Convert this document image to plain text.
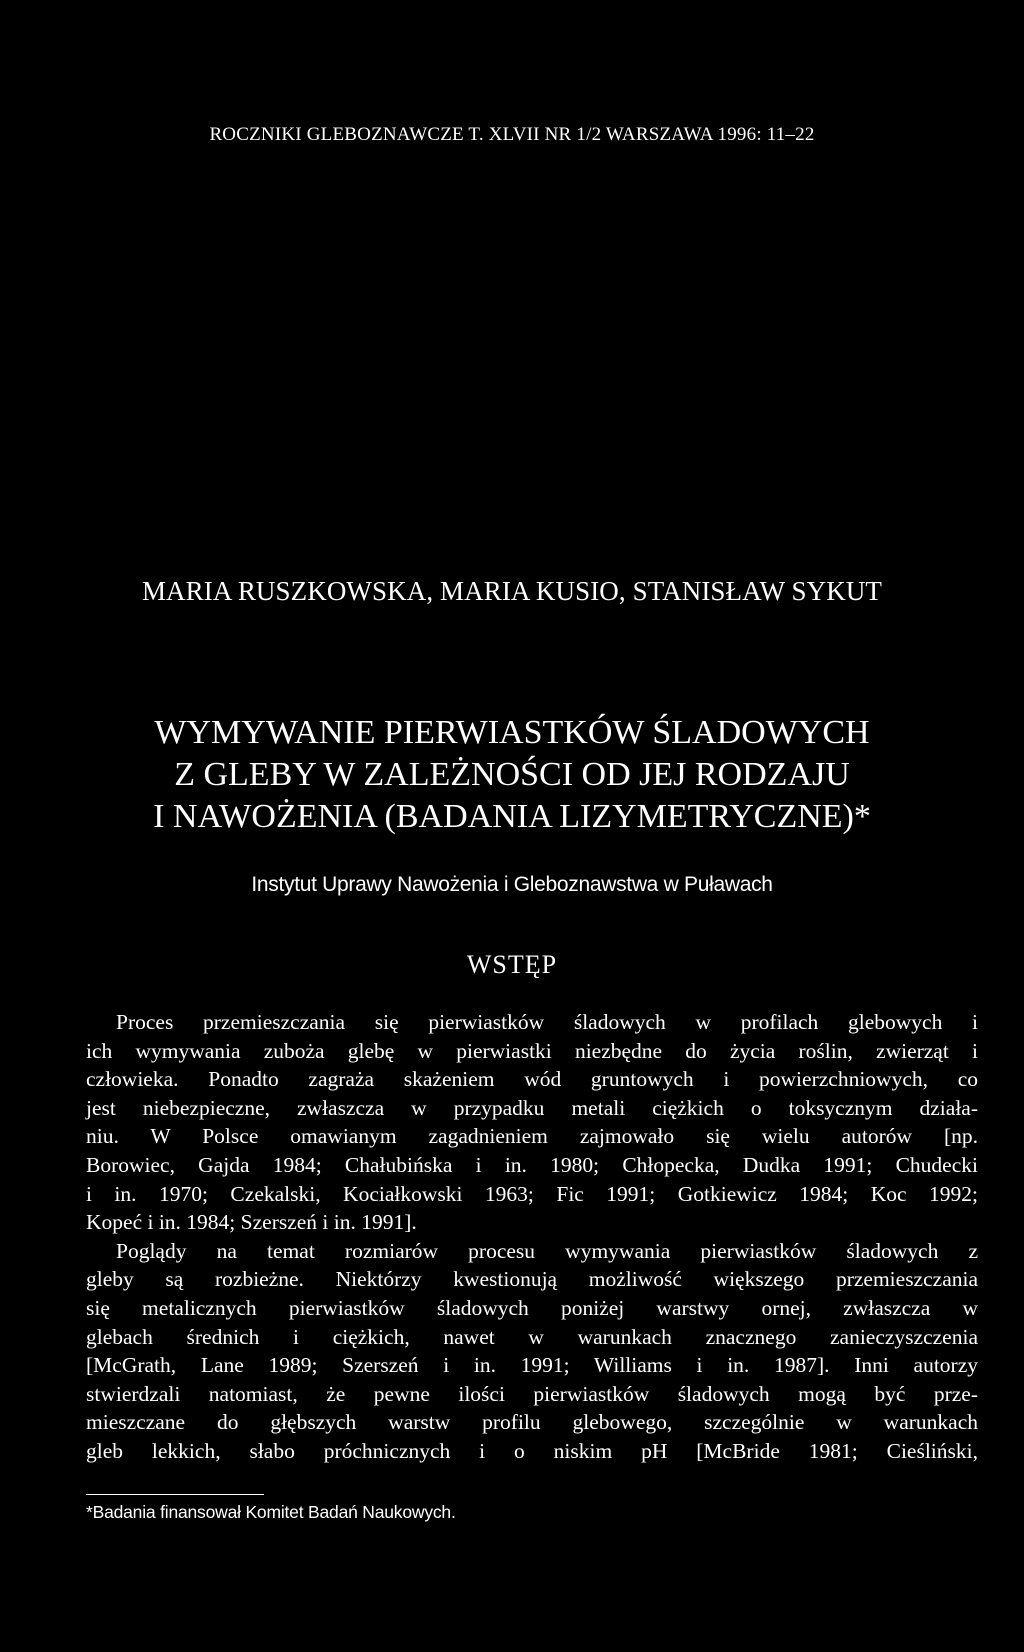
ROCZNIKI GLEBOZNAWCZE T. XLVII NR 1/2 WARSZAWA 1996: 11–22
MARIA RUSZKOWSKA, MARIA KUSIO, STANISŁAW SYKUT
WYMYWANIE PIERWIASTKÓW ŚLADOWYCH
Z GLEBY W ZALEŻNOŚCI OD JEJ RODZAJU
I NAWOŻENIA (BADANIA LIZYMETRYCZNE)*
Instytut Uprawy Nawożenia i Gleboznawstwa w Puławach
WSTĘP
Proces przemieszczania się pierwiastków śladowych w profilach glebowych i
ich wymywania zuboża glebę w pierwiastki niezbędne do życia roślin, zwierząt i
człowieka. Ponadto zagraża skażeniem wód gruntowych i powierzchniowych, co
jest niebezpieczne, zwłaszcza w przypadku metali ciężkich o toksycznym działa-
niu. W Polsce omawianym zagadnieniem zajmowało się wielu autorów [np.
Borowiec, Gajda 1984; Chałubińska i in. 1980; Chłopecka, Dudka 1991; Chudecki
i in. 1970; Czekalski, Kociałkowski 1963; Fic 1991; Gotkiewicz 1984; Koc 1992;
Kopeć i in. 1984; Szerszeń i in. 1991].
Poglądy na temat rozmiarów procesu wymywania pierwiastków śladowych z
gleby są rozbieżne. Niektórzy kwestionują możliwość większego przemieszczania
się metalicznych pierwiastków śladowych poniżej warstwy ornej, zwłaszcza w
glebach średnich i ciężkich, nawet w warunkach znacznego zanieczyszczenia
[McGrath, Lane 1989; Szerszeń i in. 1991; Williams i in. 1987]. Inni autorzy
stwierdzali natomiast, że pewne ilości pierwiastków śladowych mogą być prze-
mieszczane do głębszych warstw profilu glebowego, szczególnie w warunkach
gleb lekkich, słabo próchnicznych i o niskim pH [McBride 1981; Cieśliński,
*Badania finansował Komitet Badań Naukowych.
